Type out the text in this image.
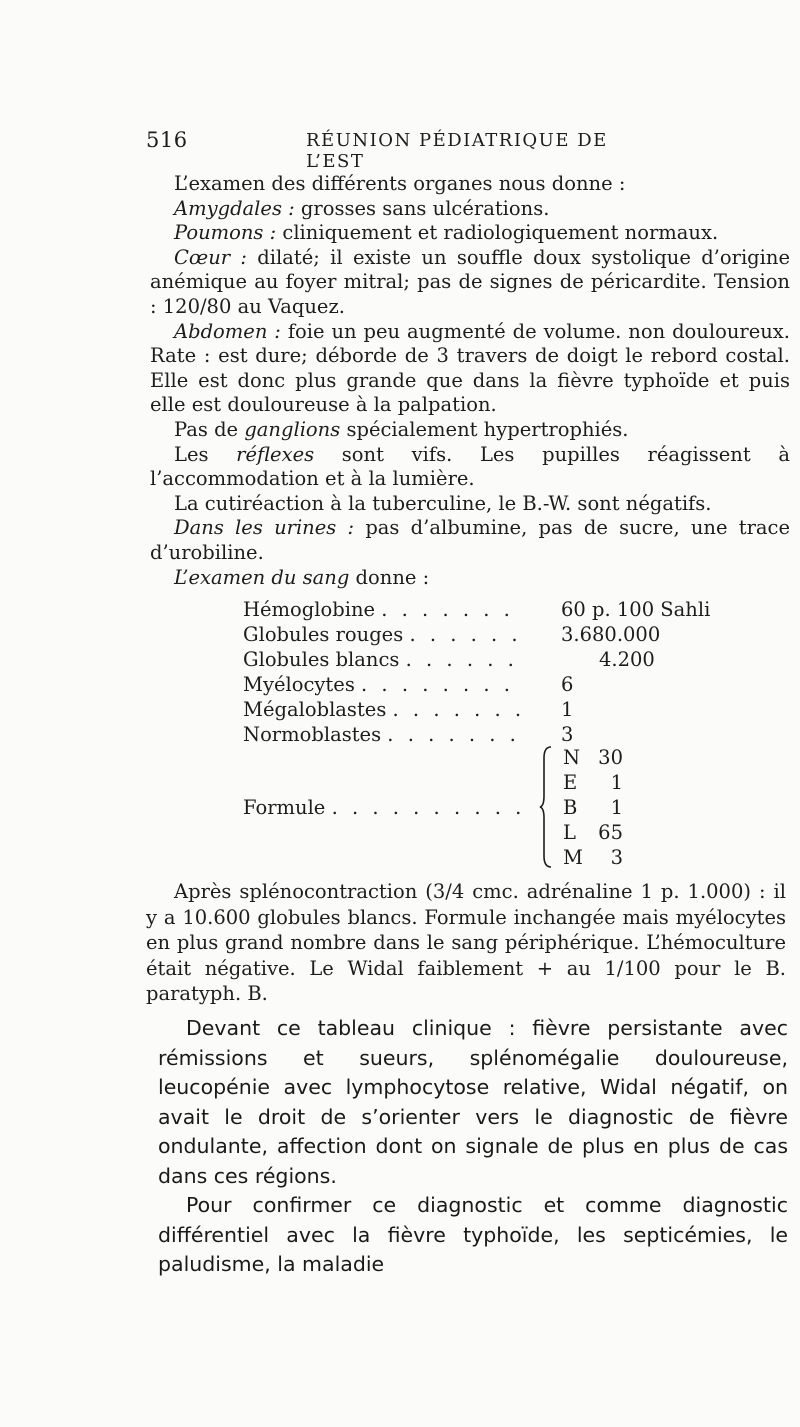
516	RÉUNION PÉDIATRIQUE DE L’EST

L’examen des différents organes nous donne :

Amygdales : grosses sans ulcérations.

Poumons : cliniquement et radiologiquement normaux.

Cœur : dilaté; il existe un souffle doux systolique d’origine anémique au foyer mitral; pas de signes de péricardite. Tension : 120/80 au Vaquez.

Abdomen : foie un peu augmenté de volume. non douloureux. Rate : est dure; déborde de 3 travers de doigt le rebord costal. Elle est donc plus grande que dans la fièvre typhoïde et puis elle est douloureuse à la palpation.

Pas de ganglions spécialement hypertrophiés.

Les réflexes sont vifs. Les pupilles réagissent à l’accommodation et à la lumière.

La cutiréaction à la tuberculine, le B.-W. sont négatifs.

Dans les urines : pas d’albumine, pas de sucre, une trace d’urobiline.

L’examen du sang donne :

Hémoglobine . . . . . . . 60 p. 100 Sahli
Globules rouges . . . . . . 3.680.000
Globules blancs . . . . . .	4.200
Myélocytes . . . . . . . . 6
Mégaloblastes . . . . . . . 1
Normoblastes . . . . . . . 3
Formule . . . . . . . . . .
N 30
E 1
B 1
L 65
M 3

Après splénocontraction (3/4 cmc. adrénaline 1 p. 1.000) : il y a 10.600 globules blancs. Formule inchangée mais myélocytes en plus grand nombre dans le sang périphérique. L’hémoculture était négative. Le Widal faiblement + au 1/100 pour le B. paratyph. B.

Devant ce tableau clinique : fièvre persistante avec rémissions et sueurs, splénomégalie douloureuse, leucopénie avec lymphocytose relative, Widal négatif, on avait le droit de s’orienter vers le diagnostic de fièvre ondulante, affection dont on signale de plus en plus de cas dans ces régions.

Pour confirmer ce diagnostic et comme diagnostic différentiel avec la fièvre typhoïde, les septicémies, le paludisme, la maladie
